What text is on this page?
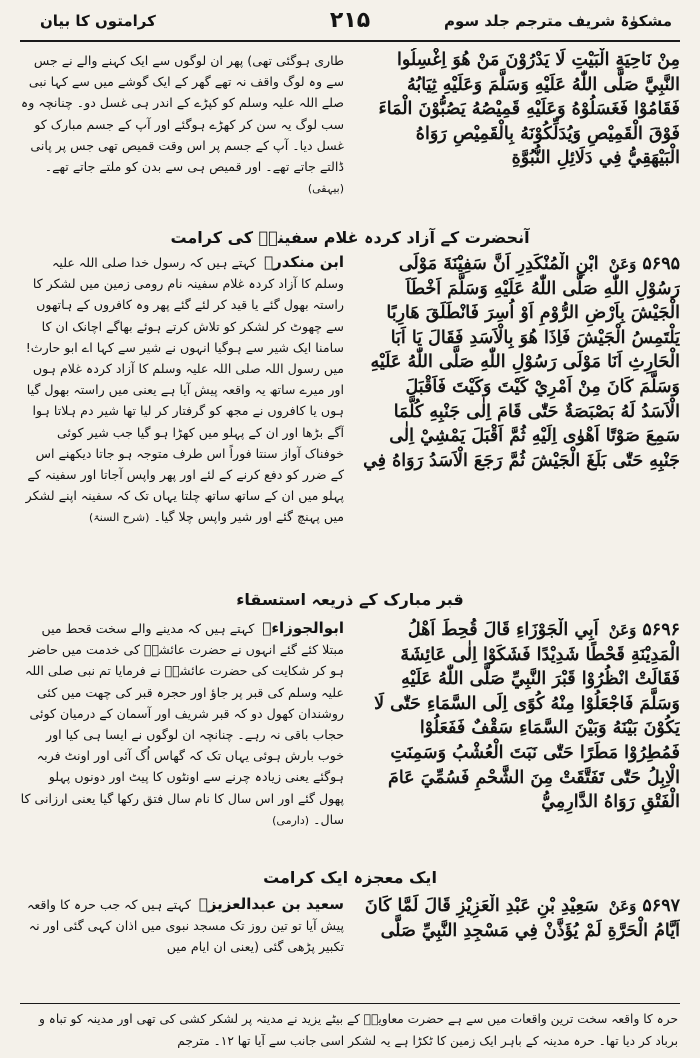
مشکوٰۃ شریف مترجم جلد سوم
۲۱۵
کرامتوں کا بیان
مِنْ نَاحِيَةِ الْبَيْتِ لَا يَدْرُوْنَ مَنْ هُوَ اِغْسِلُوا النَّبِيَّ صَلَّى اللّٰهُ عَلَيْهِ وَسَلَّمَ وَعَلَيْهِ ثِيَابُهُ فَقَامُوْا فَغَسَلُوْهُ وَعَلَيْهِ قَمِيْصُهُ يَصُبُّوْنَ الْمَاءَ فَوْقَ الْقَمِيْصِ وَيُدَلِّكُوْنَهُ بِالْقَمِيْصِ رَوَاهُ الْبَيْهَقِيُّ فِي دَلَائِلِ النُّبُوَّةِ

طاری ہوگئی تھی) پھر ان لوگوں سے ایک کہنے والے نے جس سے وہ لوگ واقف نہ تھے گھر کے ایک گوشے میں سے کہا نبی صلے اللہ علیہ وسلم کو کپڑے کے اندر ہی غسل دو۔ چنانچہ وہ سب لوگ یہ سن کر کھڑے ہوگئے اور آپ کے جسم مبارک کو غسل دیا۔ آپ کے جسم پر اس وقت قمیص تھی جس پر پانی ڈالتے جاتے تھے۔ اور قمیص ہی سے بدن کو ملتے جاتے تھے۔ (بیہقی)

آنحضرت کے آزاد کردہ غلام سفینہؓ کی کرامت
۵۶۹۵وَعَنْ ابْنِ الْمُنْكَدِرِ اَنَّ سَفِيْنَةَ مَوْلَى رَسُوْلِ اللّٰهِ صَلَّى اللّٰهُ عَلَيْهِ وَسَلَّمَ اَخْطَاَ الْجَيْشَ بِاَرْضِ الرُّوْمِ اَوْ اُسِرَ فَانْطَلَقَ هَارِبًا يَلْتَمِسُ الْجَيْشَ فَاِذَا هُوَ بِالْاَسَدِ فَقَالَ يَا اَبَا الْحَارِثِ اَنَا مَوْلَى رَسُوْلِ اللّٰهِ صَلَّى اللّٰهُ عَلَيْهِ وَسَلَّمَ كَانَ مِنْ اَمْرِيْ كَيْتَ وَكَيْتَ فَاَقْبَلَ الْاَسَدُ لَهُ بَصْبَصَةٌ حَتّٰى قَامَ اِلٰى جَنْبِهِ كُلَّمَا سَمِعَ صَوْتًا اَهْوٰى اِلَيْهِ ثُمَّ اَقْبَلَ يَمْشِيْ اِلٰى جَنْبِهِ حَتّٰى بَلَغَ الْجَيْشَ ثُمَّ رَجَعَ الْاَسَدُ رَوَاهُ فِي

ابن منکدرؒ کہتے ہیں کہ رسول خدا صلی اللہ علیہ وسلم کا آزاد کردہ غلام سفینہ نام رومی زمین میں لشکر کا راستہ بھول گئے یا قید کر لئے گئے پھر وہ کافروں کے ہاتھوں سے چھوٹ کر لشکر کو تلاش کرتے ہوئے بھاگے اچانک ان کا سامنا ایک شیر سے ہوگیا انہوں نے شیر سے کہا اے ابو حارث! میں رسول اللہ صلی اللہ علیہ وسلم کا آزاد کردہ غلام ہوں اور میرے ساتھ یہ واقعہ پیش آیا ہے یعنی میں راستہ بھول گیا ہوں یا کافروں نے مجھ کو گرفتار کر لیا تھا شیر دم ہلاتا ہوا آگے بڑھا اور ان کے پہلو میں کھڑا ہو گیا جب شیر کوئی خوفناک آواز سنتا فوراً اس طرف متوجہ ہو جاتا دیکھنے اس کے ضرر کو دفع کرنے کے لئے اور پھر واپس آجاتا اور سفینہ کے پہلو میں ان کے ساتھ ساتھ چلتا یہاں تک کہ سفینہ اپنے لشکر میں پہنچ گئے اور شیر واپس چلا گیا۔ (شرح السنۃ)

قبر مبارک کے ذریعہ استسقاء
۵۶۹۶وَعَنْ اَبِي الْجَوْزَاءِ قَالَ قُحِطَ اَهْلُ الْمَدِيْنَةِ قَحْطًا شَدِيْدًا فَشَكَوْا اِلٰى عَائِشَةَ فَقَالَتْ انْظُرُوْا قَبْرَ النَّبِيِّ صَلَّى اللّٰهُ عَلَيْهِ وَسَلَّمَ فَاجْعَلُوْا مِنْهُ كُوًى اِلَى السَّمَاءِ حَتّٰى لَا يَكُوْنَ بَيْنَهُ وَبَيْنَ السَّمَاءِ سَقْفٌ فَفَعَلُوْا فَمُطِرُوْا مَطَرًا حَتّٰى نَبَتَ الْعُشْبُ وَسَمِنَتِ الْاِبِلُ حَتّٰى تَفَتَّقَتْ مِنَ الشَّحْمِ فَسُمِّيَ عَامَ الْفَتْقِ رَوَاهُ الدَّارِمِيُّ

ابوالجوزاءؒ کہتے ہیں کہ مدینے والے سخت قحط میں مبتلا کئے گئے انہوں نے حضرت عائشہؓ کی خدمت میں حاضر ہو کر شکایت کی حضرت عائشہؓ نے فرمایا تم نبی صلی اللہ علیہ وسلم کی قبر پر جاؤ اور حجرہ قبر کی چھت میں کئی روشندان کھول دو کہ قبر شریف اور آسمان کے درمیان کوئی حجاب باقی نہ رہے۔ چنانچہ ان لوگوں نے ایسا ہی کیا اور خوب بارش ہوئی یہاں تک کہ گھاس اُگ آئی اور اونٹ فربہ ہوگئے یعنی زیادہ چرنے سے اونٹوں کا پیٹ اور دونوں پہلو پھول گئے اور اس سال کا نام سال فتق رکھا گیا یعنی ارزانی کا سال۔ (دارمی)

ایک معجزہ ایک کرامت
۵۶۹۷وَعَنْ سَعِيْدِ بْنِ عَبْدِ الْعَزِيْزِ قَالَ لَمَّا كَانَ اَيَّامُ الْحَرَّةِ لَمْ يُؤَذَّنْ فِي مَسْجِدِ النَّبِيِّ صَلَّى

سعید بن عبدالعزیزؒ کہتے ہیں کہ جب حرہ کا واقعہ پیش آیا تو تین روز تک مسجد نبوی میں اذان کہی گئی اور نہ تکبیر پڑھی گئی (یعنی ان ایام میں

حرہ کا واقعہ سخت ترین واقعات میں سے ہے حضرت معاویہؓ کے بیٹے یزید نے مدینہ پر لشکر کشی کی تھی اور مدینہ کو تباہ و برباد کر دیا تھا۔ حرہ مدینہ کے باہر ایک زمین کا ٹکڑا ہے یہ لشکر اسی جانب سے آیا تھا ۱۲۔ مترجم
